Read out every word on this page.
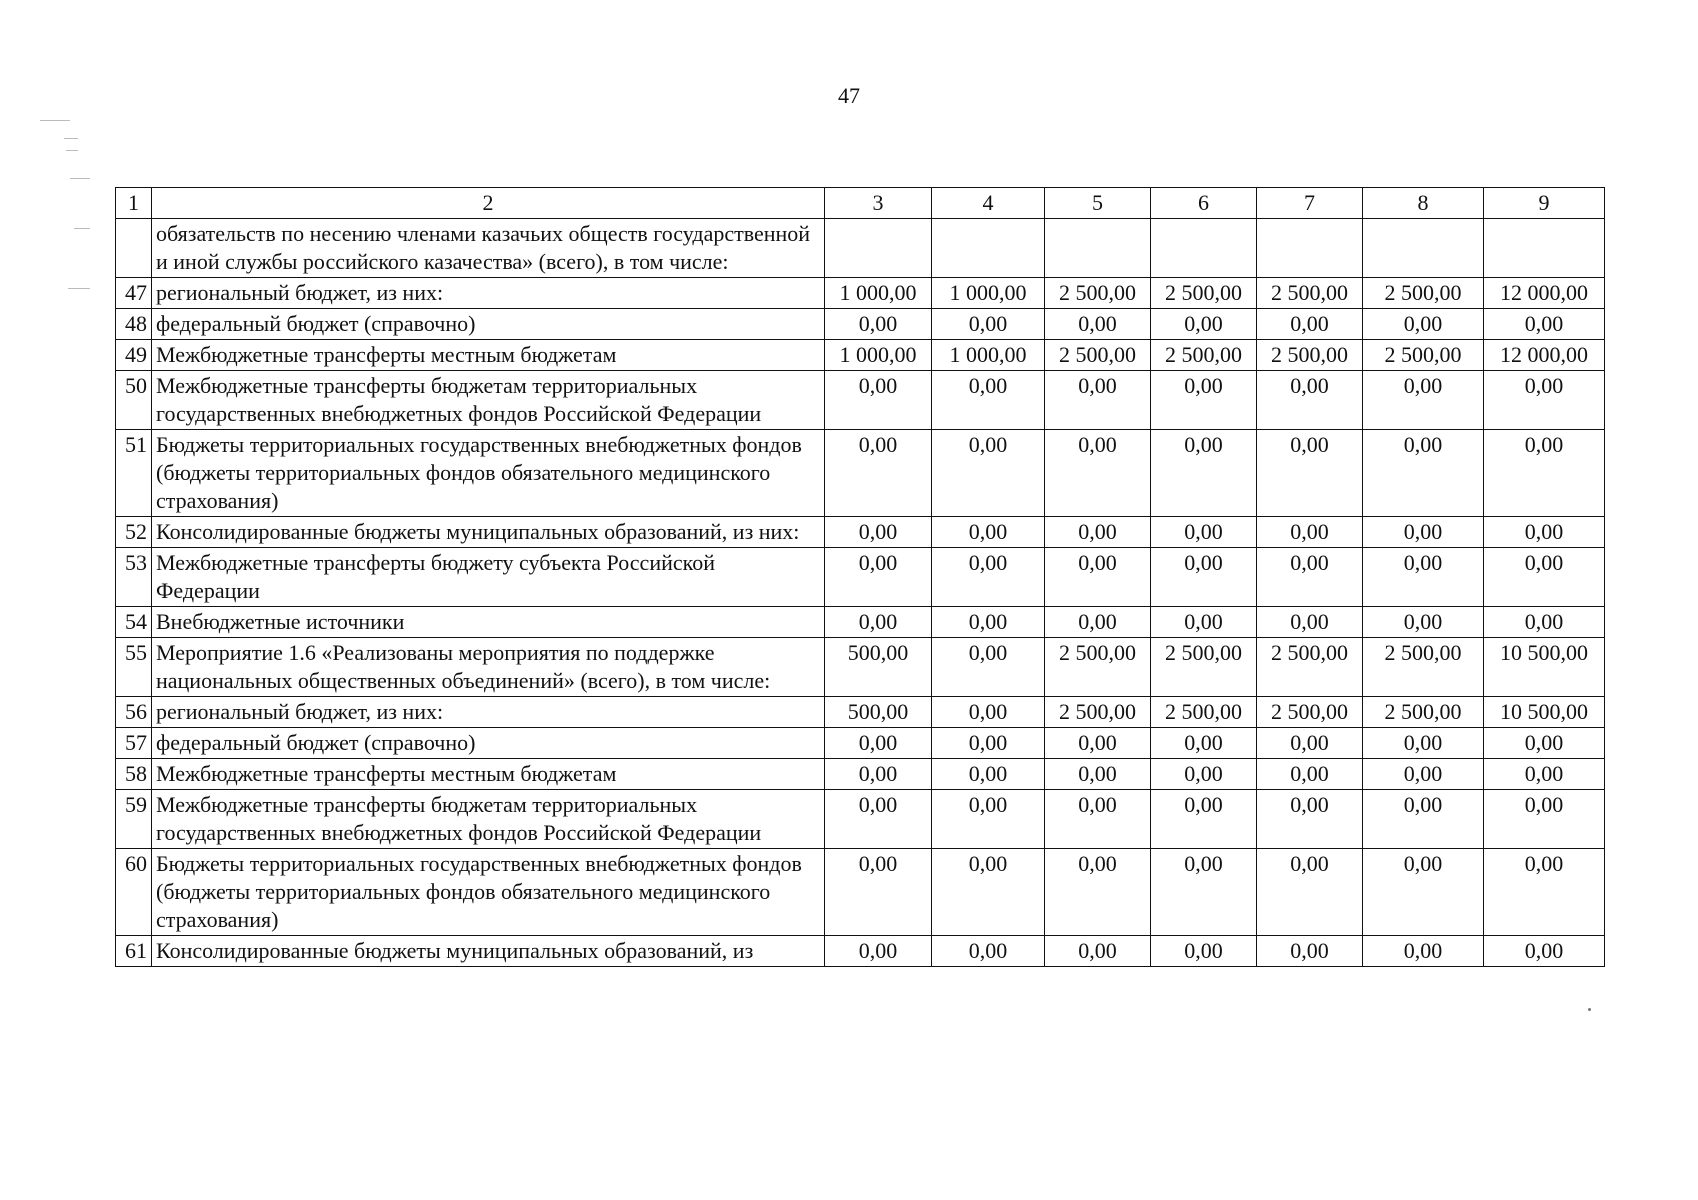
47
1	2	3	4	5	6	7	8	9
	обязательств по несению членами казачьих обществ государственной и иной службы российского казачества» (всего), в том числе:							
47	региональный бюджет, из них:	1 000,00	1 000,00	2 500,00	2 500,00	2 500,00	2 500,00	12 000,00
48	федеральный бюджет (справочно)	0,00	0,00	0,00	0,00	0,00	0,00	0,00
49	Межбюджетные трансферты местным бюджетам	1 000,00	1 000,00	2 500,00	2 500,00	2 500,00	2 500,00	12 000,00
50	Межбюджетные трансферты бюджетам территориальных государственных внебюджетных фондов Российской Федерации	0,00	0,00	0,00	0,00	0,00	0,00	0,00
51	Бюджеты территориальных государственных внебюджетных фондов (бюджеты территориальных фондов обязательного медицинского страхования)	0,00	0,00	0,00	0,00	0,00	0,00	0,00
52	Консолидированные бюджеты муниципальных образований, из них:	0,00	0,00	0,00	0,00	0,00	0,00	0,00
53	Межбюджетные трансферты бюджету субъекта Российской Федерации	0,00	0,00	0,00	0,00	0,00	0,00	0,00
54	Внебюджетные источники	0,00	0,00	0,00	0,00	0,00	0,00	0,00
55	Мероприятие 1.6 «Реализованы мероприятия по поддержке национальных общественных объединений» (всего), в том числе:	500,00	0,00	2 500,00	2 500,00	2 500,00	2 500,00	10 500,00
56	региональный бюджет, из них:	500,00	0,00	2 500,00	2 500,00	2 500,00	2 500,00	10 500,00
57	федеральный бюджет (справочно)	0,00	0,00	0,00	0,00	0,00	0,00	0,00
58	Межбюджетные трансферты местным бюджетам	0,00	0,00	0,00	0,00	0,00	0,00	0,00
59	Межбюджетные трансферты бюджетам территориальных государственных внебюджетных фондов Российской Федерации	0,00	0,00	0,00	0,00	0,00	0,00	0,00
60	Бюджеты территориальных государственных внебюджетных фондов (бюджеты территориальных фондов обязательного медицинского страхования)	0,00	0,00	0,00	0,00	0,00	0,00	0,00
61	Консолидированные бюджеты муниципальных образований, из	0,00	0,00	0,00	0,00	0,00	0,00	0,00
